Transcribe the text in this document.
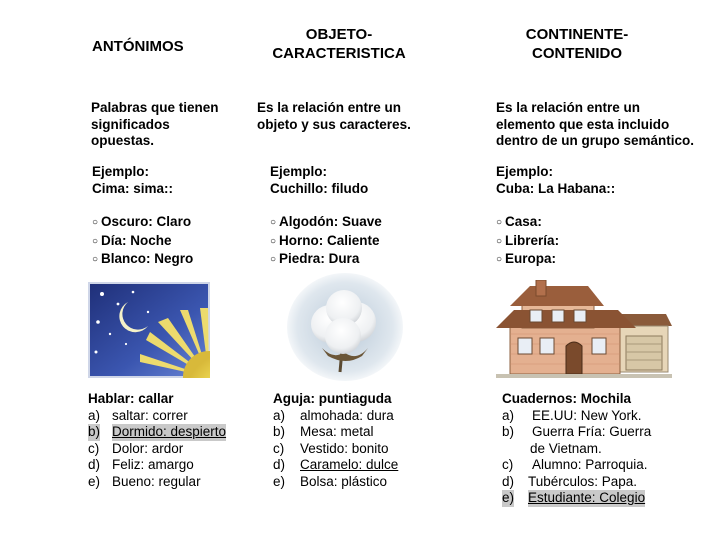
ANTÓNIMOS
OBJETO-
CARACTERISTICA
CONTINENTE-
CONTENIDO
Palabras que tienen
significados
opuestas.
Es la relación entre un
objeto y sus caracteres.
Es la relación entre un
elemento que esta incluido
dentro de un grupo semántico.
Ejemplo:
Cima: sima::
Ejemplo:
Cuchillo: filudo
Ejemplo:
Cuba: La Habana::
○ Oscuro: Claro
○ Día: Noche
○ Blanco: Negro
○ Algodón: Suave
○ Horno: Caliente
○ Piedra: Dura
○ Casa:
○ Librería:
○ Europa:
Hablar: callar
a) saltar: correr
b) Dormido: despierto
c) Dolor: ardor
d) Feliz: amargo
e) Bueno: regular
Aguja: puntiaguda
a) almohada: dura
b) Mesa: metal
c) Vestido: bonito
d) Caramelo: dulce
e) Bolsa: plástico
Cuadernos: Mochila
a) EE.UU: New York.
b) Guerra Fría: Guerra
de Vietnam.
c) Alumno: Parroquia.
d) Tubérculos: Papa.
e) Estudiante: Colegio
